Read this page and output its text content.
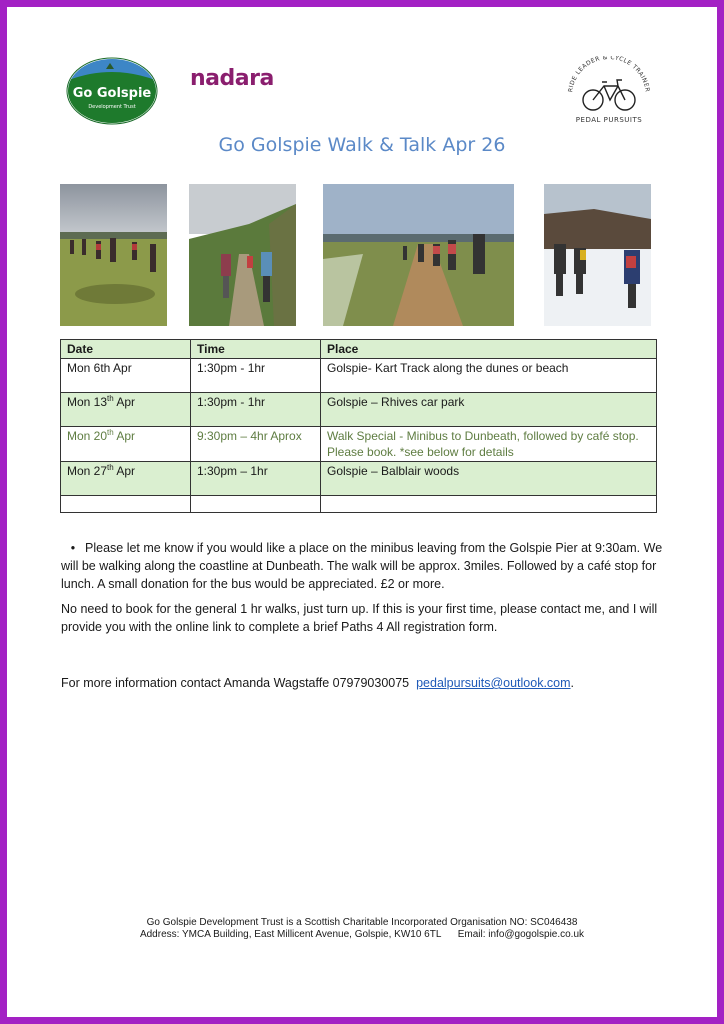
Go Golspie
Development Trust
nadara	RIDE LEADER & CYCLE TRAINER
PEDAL PURSUITS
Go Golspie Walk & Talk Apr 26
Date	Time	Place
Mon 6th Apr	1:30pm - 1hr	Golspie- Kart Track along the dunes or beach
Mon 13th Apr	1:30pm - 1hr	Golspie – Rhives car park
Mon 20th Apr	9:30pm – 4hr Aprox	Walk Special - Minibus to Dunbeath, followed by café stop. Please book. *see below for details
Mon 27th Apr	1:30pm – 1hr	Golspie – Balblair woods

• Please let me know if you would like a place on the minibus leaving from the Golspie Pier at 9:30am. We will be walking along the coastline at Dunbeath. The walk will be approx. 3miles. Followed by a café stop for lunch. A small donation for the bus would be appreciated. £2 or more.
No need to book for the general 1 hr walks, just turn up. If this is your first time, please contact me, and I will provide you with the online link to complete a brief Paths 4 All registration form.
For more information contact Amanda Wagstaffe 07979030075 pedalpursuits@outlook.com.
Go Golspie Development Trust is a Scottish Charitable Incorporated Organisation NO: SC046438
Address: YMCA Building, East Millicent Avenue, Golspie, KW10 6TL      Email: info@gogolspie.co.uk
